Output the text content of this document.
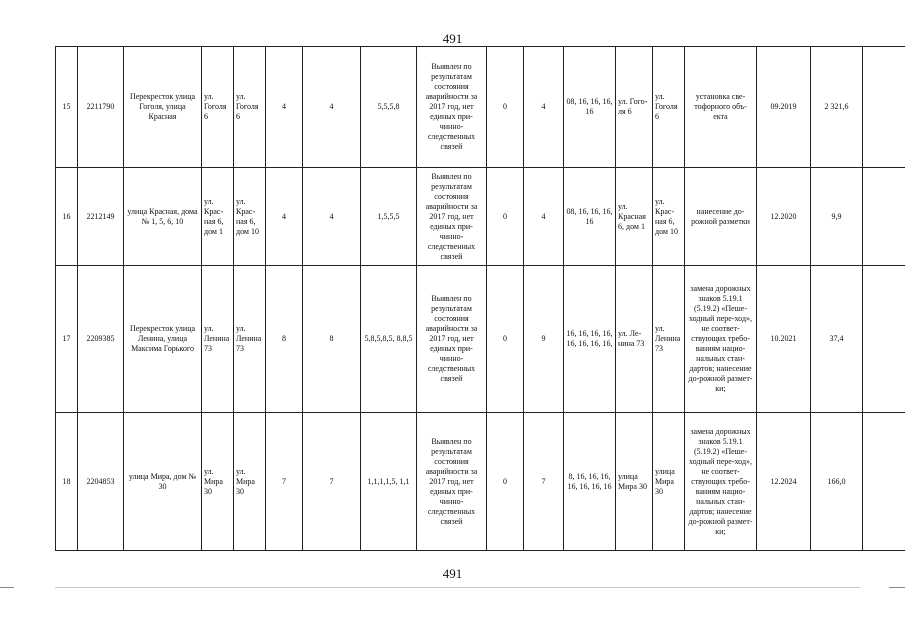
491
15	2211790	Перекресток улица Гоголя, улица Красная	ул. Гоголя 6	ул. Гоголя 6	4	4	5,5,5,8	Выявлен по результатам состояния аварийности за 2017 год, нет единых при-чинно-следственных связей	0	4	08, 16, 16, 16, 16	ул. Гого-ля 6	ул. Гоголя 6	установка све-тофорного объ-екта	09.2019	2 321,6	
16	2212149	улица Красная, дома № 1, 5, 6, 10	ул. Крас-ная 6, дом 1	ул. Крас-ная 6, дом 10	4	4	1,5,5,5	Выявлен по результатам состояния аварийности за 2017 год, нет единых при-чинно-следственных связей	0	4	08, 16, 16, 16, 16	ул. Красная 6, дом 1	ул. Крас-ная 6, дом 10	нанесение до-рожной разметки	12.2020	9,9	
17	2209385	Перекресток улица Ленина, улица Максима Горького	ул. Ленина 73	ул. Ленина 73	8	8	5,8,5,8,5, 8,8,5	Выявлен по результатам состояния аварийности за 2017 год, нет единых при-чинно-следственных связей	0	9	16, 16, 16, 16, 16, 16, 16, 16,	ул. Ле-нина 73	ул. Ленина 73	замена дорожных знаков 5.19.1 (5.19.2) «Пеше-ходный пере-ход», не соответ-ствующих требо-ваниям нацио-нальных стан-дартов; нанесение до-рожной размет-ки;	10.2021	37,4	
18	2204853	улица Мира, дом № 30	ул. Мира 30	ул. Мира 30	7	7	1,1,1,1,5, 1,1	Выявлен по результатам состояния аварийности за 2017 год, нет единых при-чинно-следственных связей	0	7	8, 16, 16, 16, 16, 16, 16, 16	улица Мира 30	улица Мира 30	замена дорожных знаков 5.19.1 (5.19.2) «Пеше-ходный пере-ход», не соответ-ствующих требо-ваниям нацио-нальных стан-дартов; нанесение до-рожной размет-ки;	12.2024	166,0	
491
